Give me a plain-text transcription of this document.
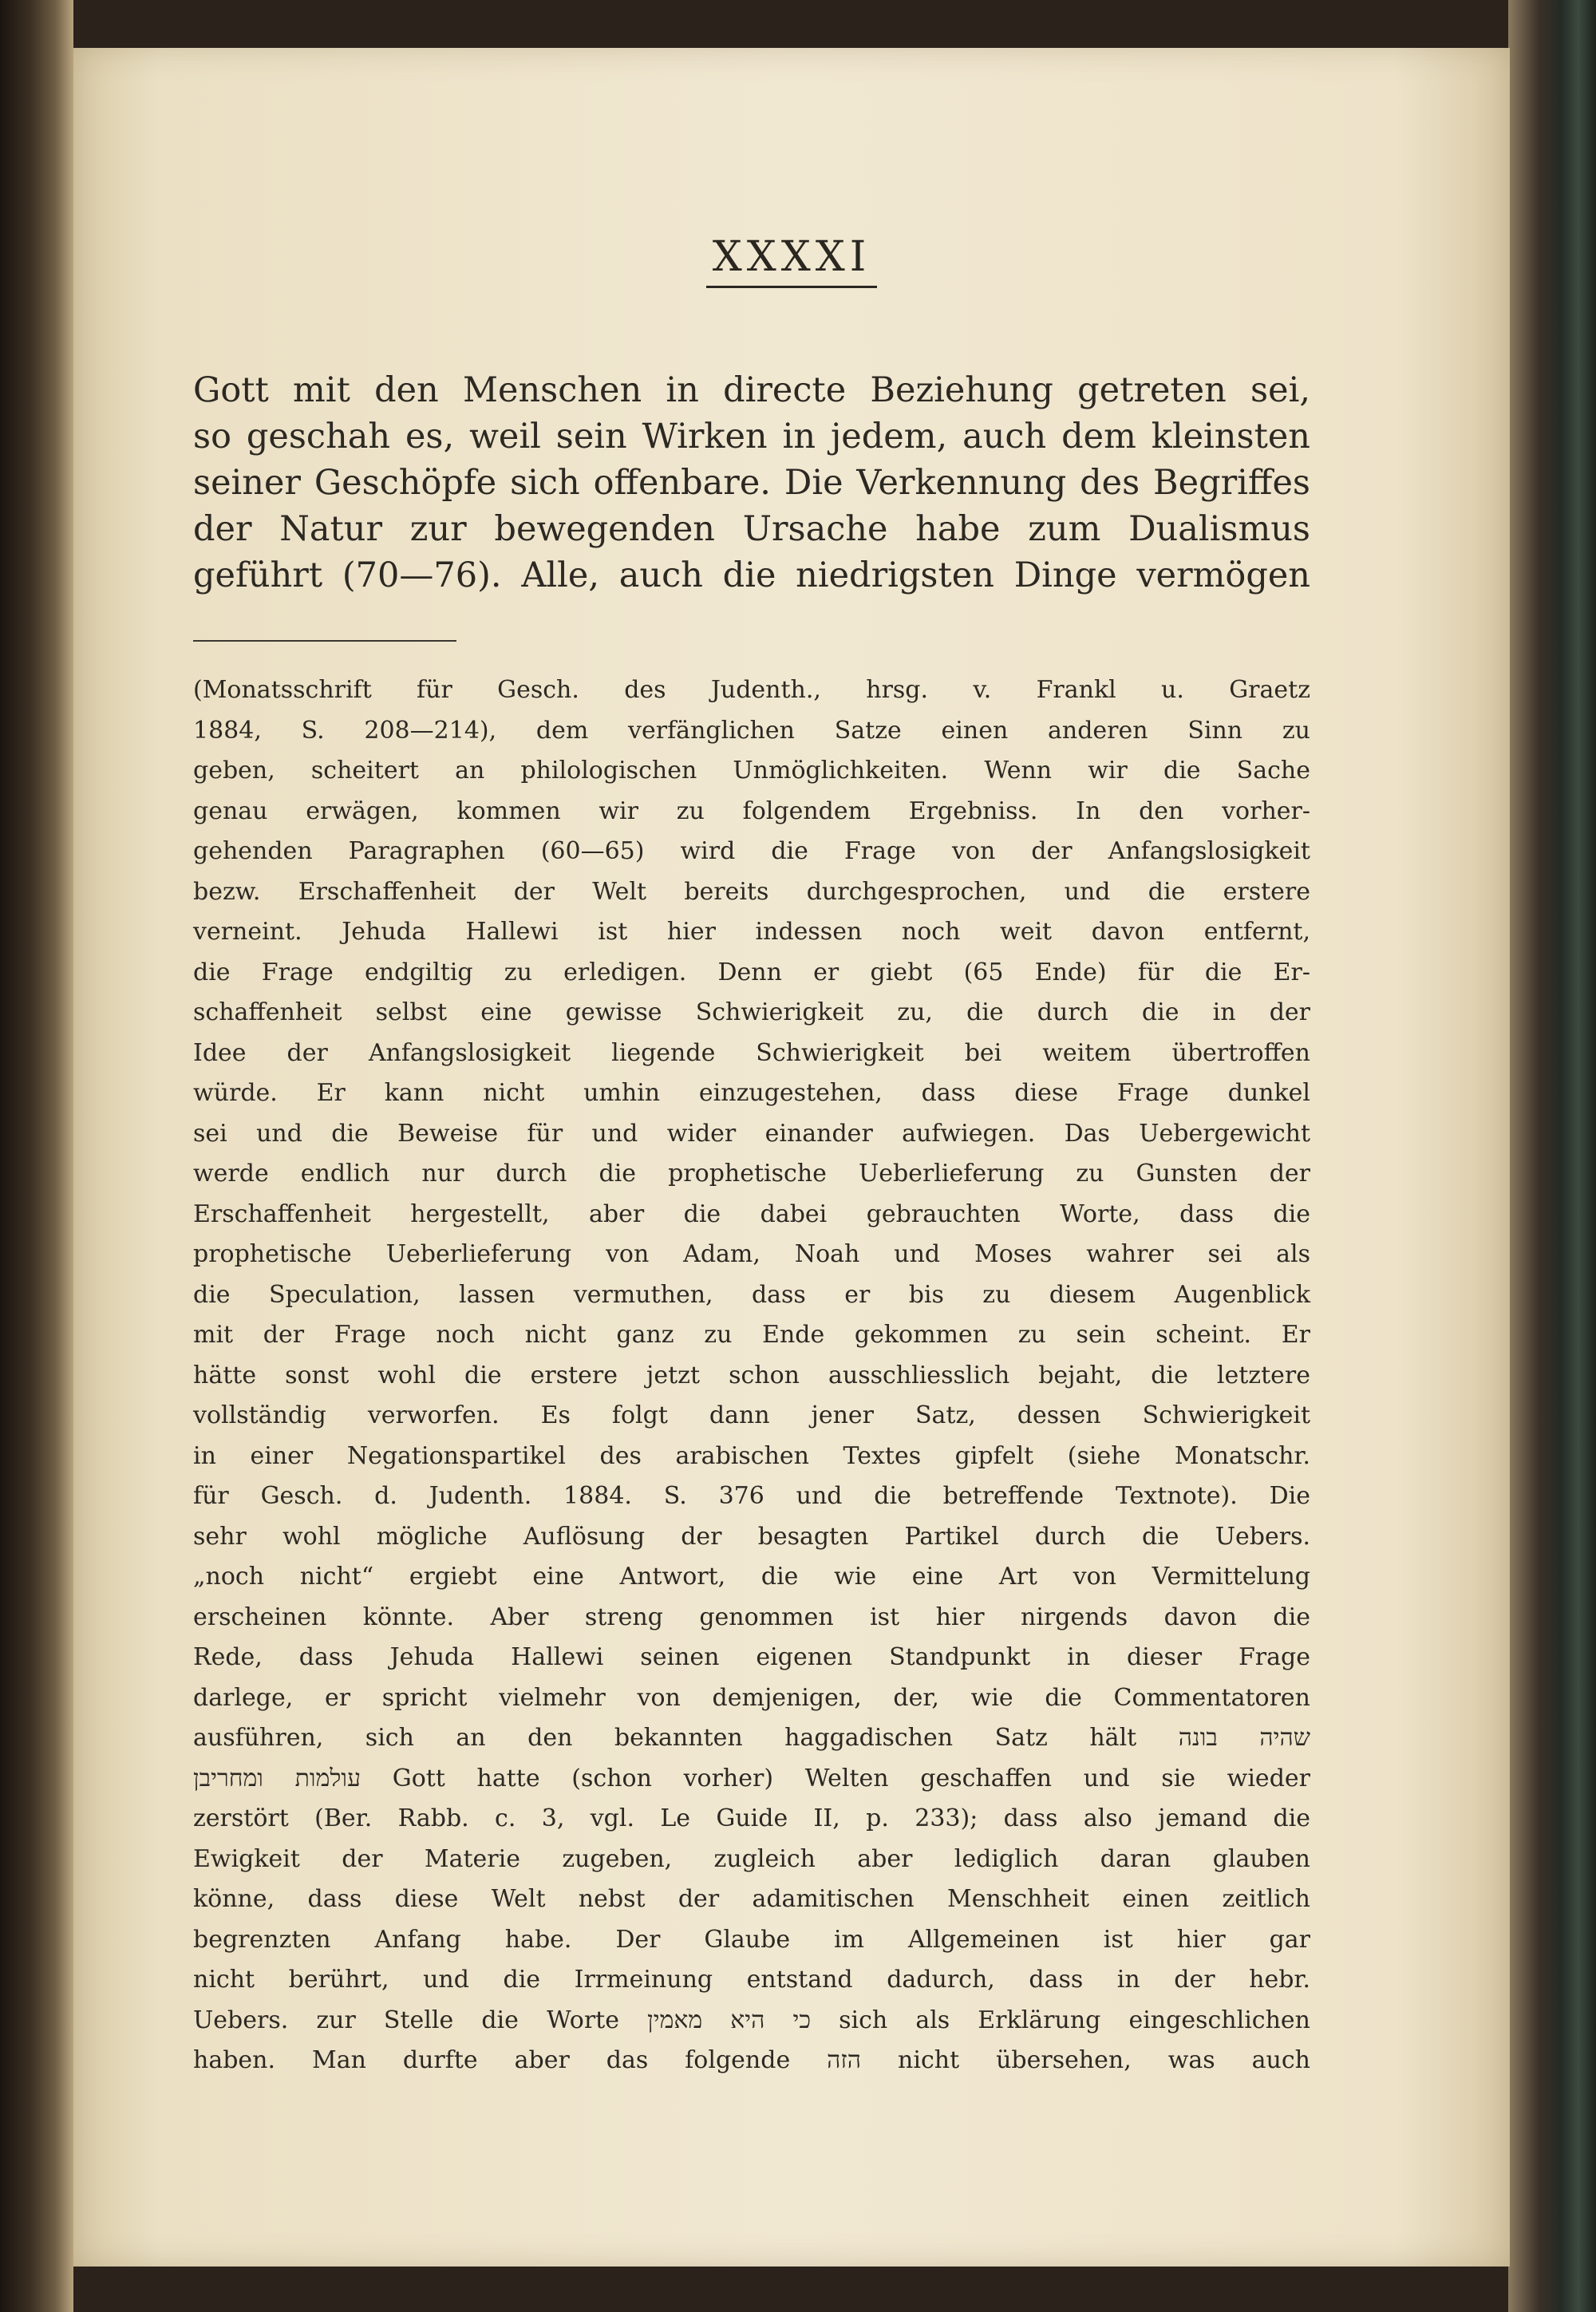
XXXXI
Gott mit den Menschen in directe Beziehung getreten sei,
so geschah es, weil sein Wirken in jedem, auch dem kleinsten
seiner Geschöpfe sich offenbare. Die Verkennung des Begriffes
der Natur zur bewegenden Ursache habe zum Dualismus
geführt (70—76). Alle, auch die niedrigsten Dinge vermögen
(Monatsschrift für Gesch. des Judenth., hrsg. v. Frankl u. Graetz
1884, S. 208—214), dem verfänglichen Satze einen anderen Sinn zu
geben, scheitert an philologischen Unmöglichkeiten. Wenn wir die Sache
genau erwägen, kommen wir zu folgendem Ergebniss. In den vorher-
gehenden Paragraphen (60—65) wird die Frage von der Anfangslosigkeit
bezw. Erschaffenheit der Welt bereits durchgesprochen, und die erstere
verneint. Jehuda Hallewi ist hier indessen noch weit davon entfernt,
die Frage endgiltig zu erledigen. Denn er giebt (65 Ende) für die Er-
schaffenheit selbst eine gewisse Schwierigkeit zu, die durch die in der
Idee der Anfangslosigkeit liegende Schwierigkeit bei weitem übertroffen
würde. Er kann nicht umhin einzugestehen, dass diese Frage dunkel
sei und die Beweise für und wider einander aufwiegen. Das Uebergewicht
werde endlich nur durch die prophetische Ueberlieferung zu Gunsten der
Erschaffenheit hergestellt, aber die dabei gebrauchten Worte, dass die
prophetische Ueberlieferung von Adam, Noah und Moses wahrer sei als
die Speculation, lassen vermuthen, dass er bis zu diesem Augenblick
mit der Frage noch nicht ganz zu Ende gekommen zu sein scheint. Er
hätte sonst wohl die erstere jetzt schon ausschliesslich bejaht, die letztere
vollständig verworfen. Es folgt dann jener Satz, dessen Schwierigkeit
in einer Negationspartikel des arabischen Textes gipfelt (siehe Monatschr.
für Gesch. d. Judenth. 1884. S. 376 und die betreffende Textnote). Die
sehr wohl mögliche Auflösung der besagten Partikel durch die Uebers.
„noch nicht“ ergiebt eine Antwort, die wie eine Art von Vermittelung
erscheinen könnte. Aber streng genommen ist hier nirgends davon die
Rede, dass Jehuda Hallewi seinen eigenen Standpunkt in dieser Frage
darlege, er spricht vielmehr von demjenigen, der, wie die Commentatoren
ausführen, sich an den bekannten haggadischen Satz hält שהיה בונה
עולמות ומחריבן Gott hatte (schon vorher) Welten geschaffen und sie wieder
zerstört (Ber. Rabb. c. 3, vgl. Le Guide II, p. 233); dass also jemand die
Ewigkeit der Materie zugeben, zugleich aber lediglich daran glauben
könne, dass diese Welt nebst der adamitischen Menschheit einen zeitlich
begrenzten Anfang habe. Der Glaube im Allgemeinen ist hier gar
nicht berührt, und die Irrmeinung entstand dadurch, dass in der hebr.
Uebers. zur Stelle die Worte כי היא מאמין sich als Erklärung eingeschlichen
haben. Man durfte aber das folgende הזה nicht übersehen, was auch
